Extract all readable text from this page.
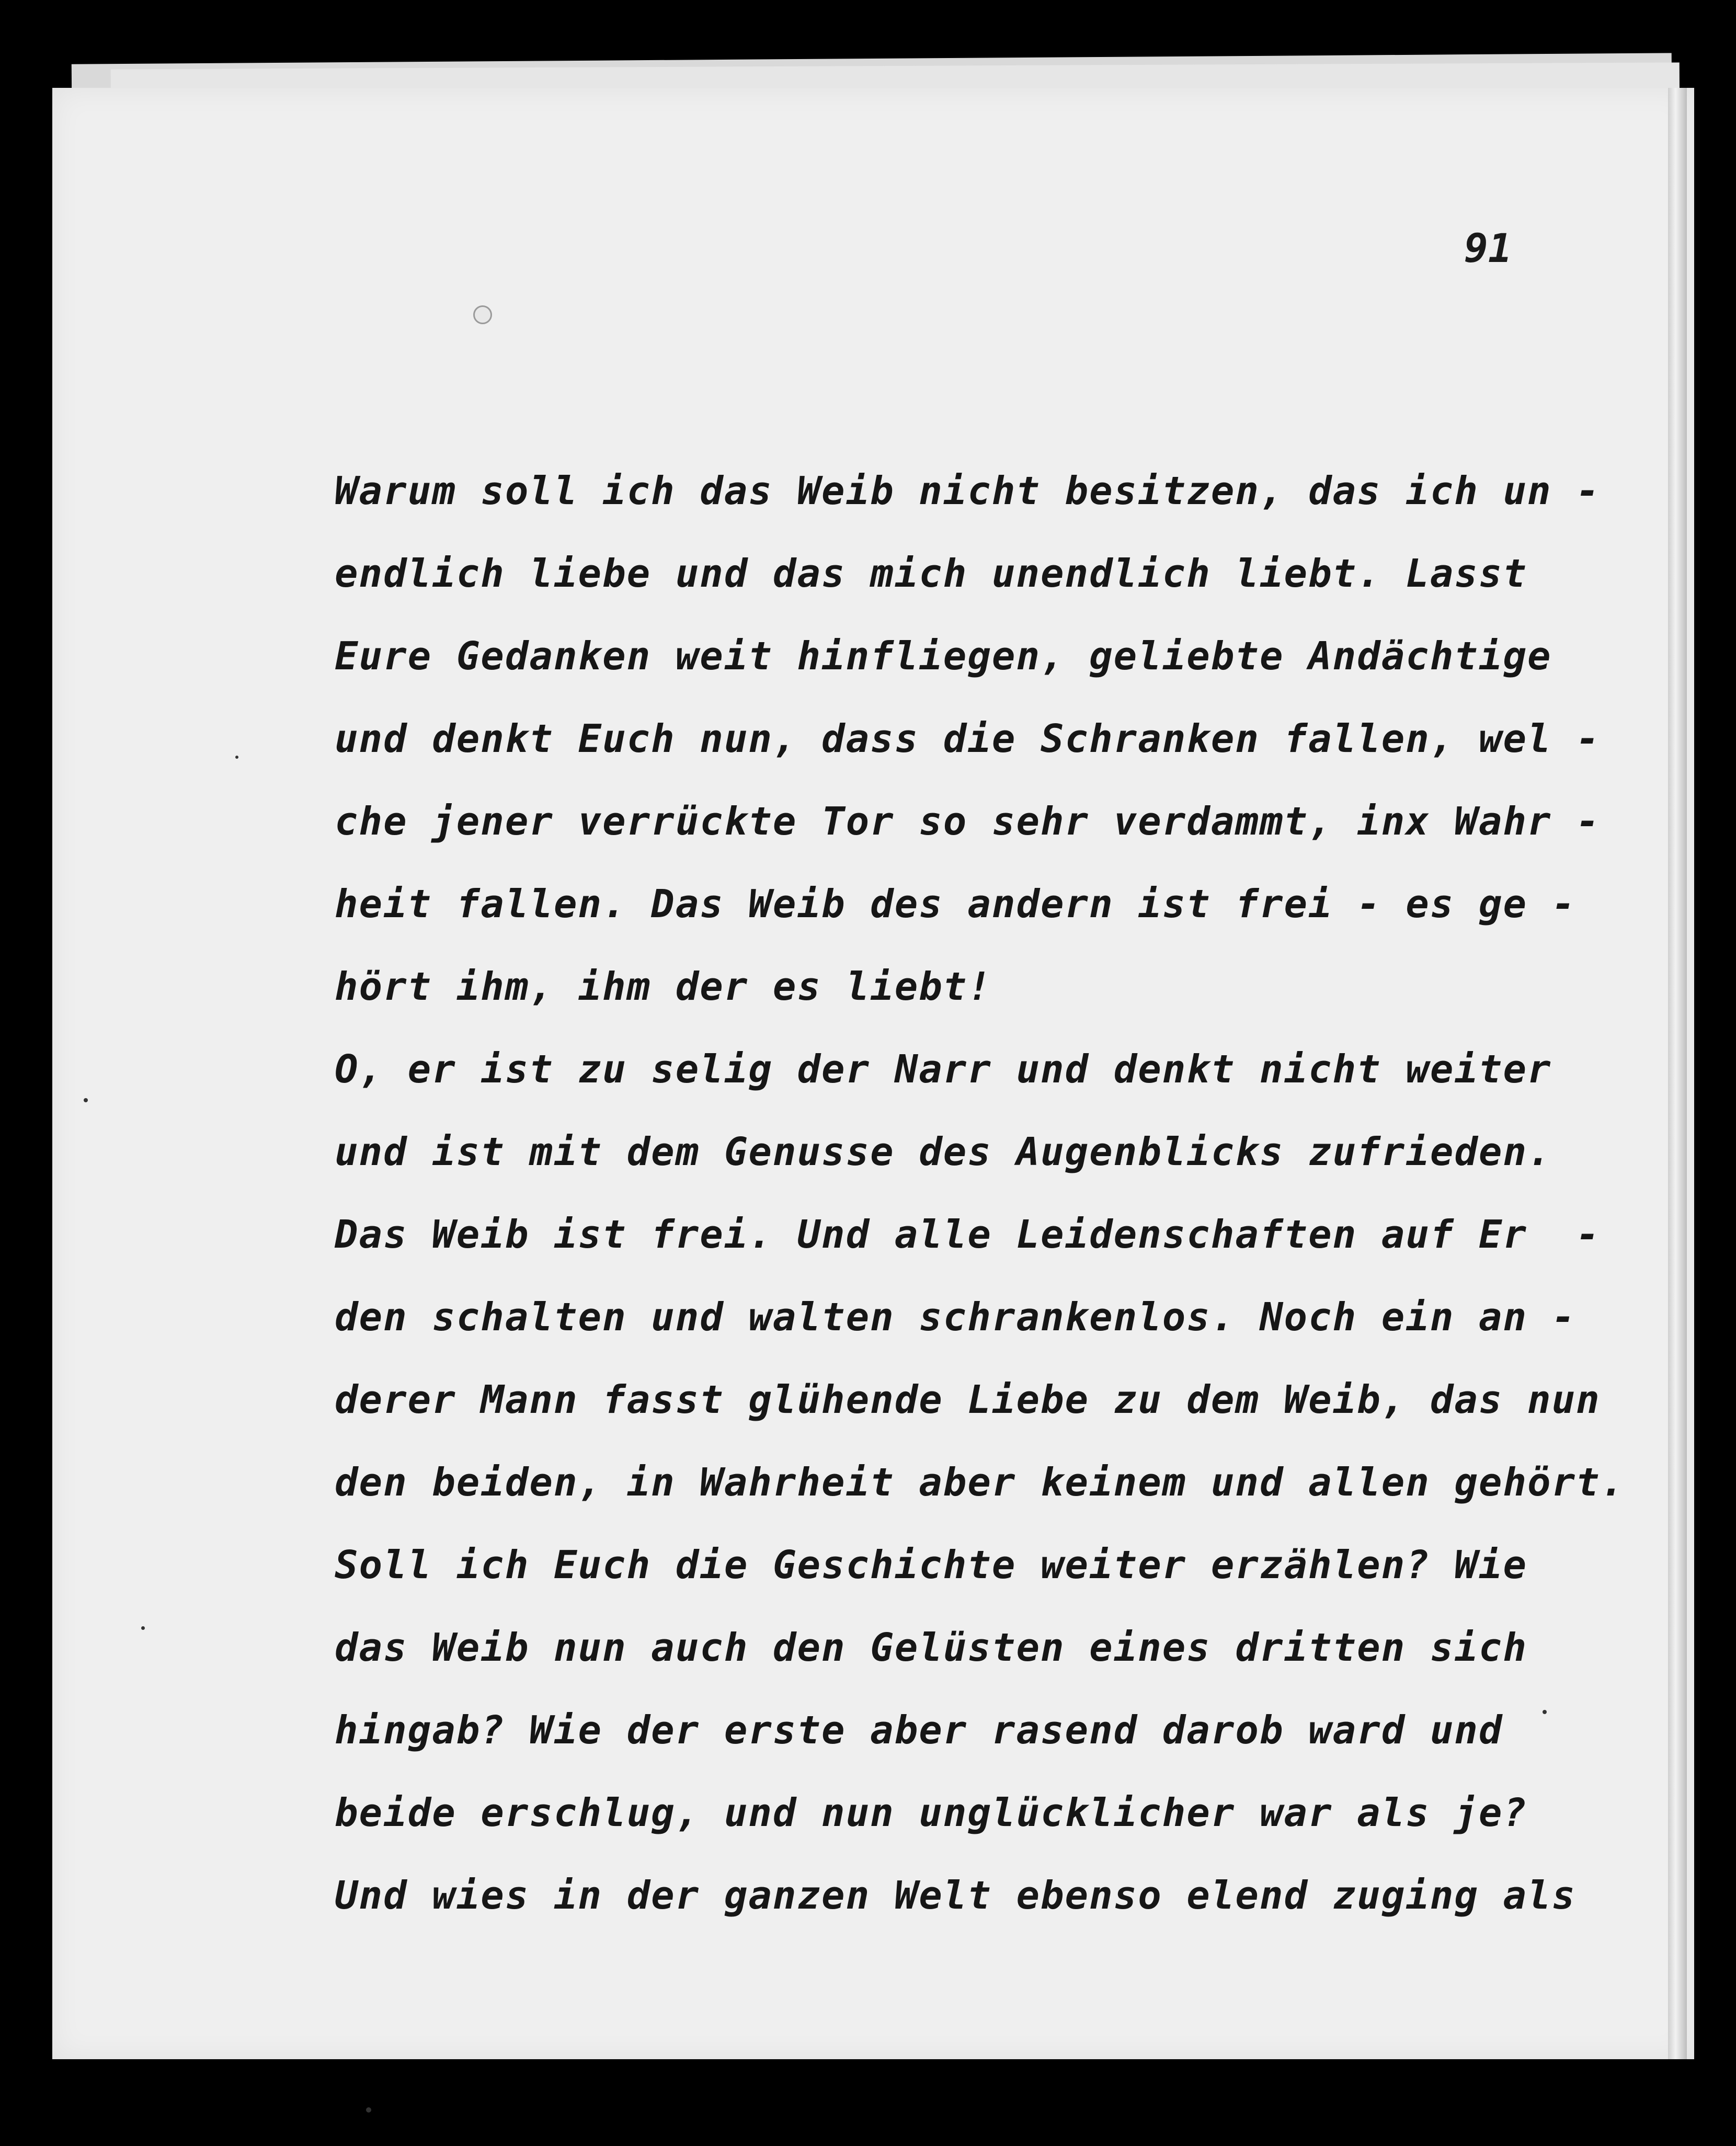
91
Warum soll ich das Weib nicht besitzen, das ich un -
endlich liebe und das mich unendlich liebt. Lasst
Eure Gedanken weit hinfliegen, geliebte Andächtige
und denkt Euch nun, dass die Schranken fallen, wel -
che jener verrückte Tor so sehr verdammt, inx Wahr -
heit fallen. Das Weib des andern ist frei - es ge -
hört ihm, ihm der es liebt!
O, er ist zu selig der Narr und denkt nicht weiter
und ist mit dem Genusse des Augenblicks zufrieden.
Das Weib ist frei. Und alle Leidenschaften auf Er  -
den schalten und walten schrankenlos. Noch ein an -
derer Mann fasst glühende Liebe zu dem Weib, das nun
den beiden, in Wahrheit aber keinem und allen gehört.
Soll ich Euch die Geschichte weiter erzählen? Wie
das Weib nun auch den Gelüsten eines dritten sich
hingab? Wie der erste aber rasend darob ward und
beide erschlug, und nun unglücklicher war als je?
Und wies in der ganzen Welt ebenso elend zuging als
